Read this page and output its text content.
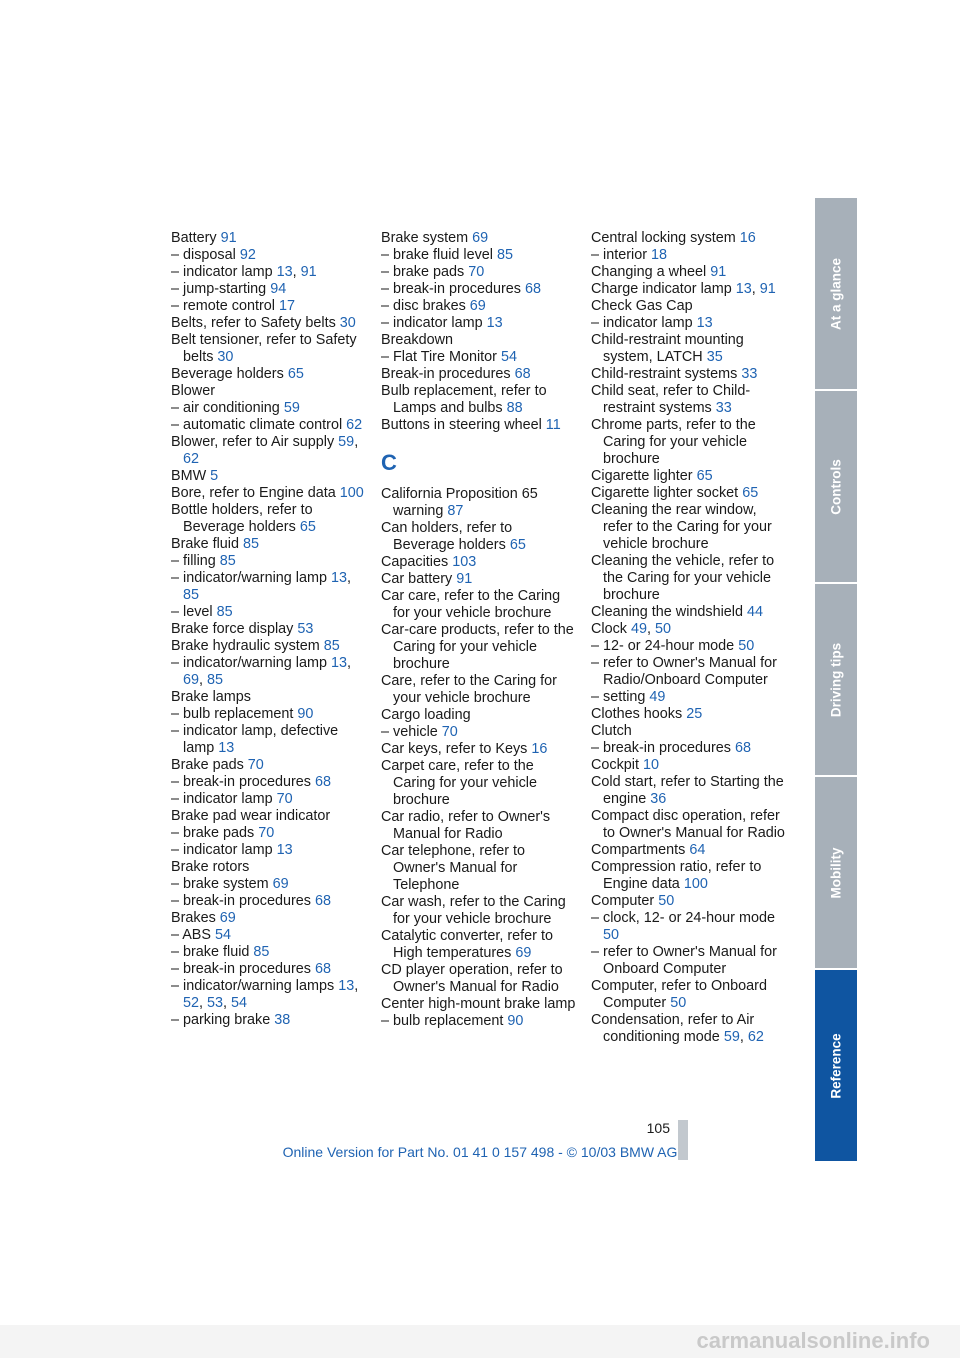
Battery 91
– disposal 92
– indicator lamp 13, 91
– jump-starting 94
– remote control 17
Belts, refer to Safety belts 30
Belt tensioner, refer to Safety belts 30
Beverage holders 65
Blower
– air conditioning 59
– automatic climate control 62
Blower, refer to Air supply 59, 62
BMW 5
Bore, refer to Engine data 100
Bottle holders, refer to Beverage holders 65
Brake fluid 85
– filling 85
– indicator/warning lamp 13, 85
– level 85
Brake force display 53
Brake hydraulic system 85
– indicator/warning lamp 13, 69, 85
Brake lamps
– bulb replacement 90
– indicator lamp, defective lamp 13
Brake pads 70
– break-in procedures 68
– indicator lamp 70
Brake pad wear indicator
– brake pads 70
– indicator lamp 13
Brake rotors
– brake system 69
– break-in procedures 68
Brakes 69
– ABS 54
– brake fluid 85
– break-in procedures 68
– indicator/warning lamps 13, 52, 53, 54
– parking brake 38
Brake system 69
– brake fluid level 85
– brake pads 70
– break-in procedures 68
– disc brakes 69
– indicator lamp 13
Breakdown
– Flat Tire Monitor 54
Break-in procedures 68
Bulb replacement, refer to Lamps and bulbs 88
Buttons in steering wheel 11
C
California Proposition 65 warning 87
Can holders, refer to Beverage holders 65
Capacities 103
Car battery 91
Car care, refer to the Caring for your vehicle brochure
Car-care products, refer to the Caring for your vehicle brochure
Care, refer to the Caring for your vehicle brochure
Cargo loading
– vehicle 70
Car keys, refer to Keys 16
Carpet care, refer to the Caring for your vehicle brochure
Car radio, refer to Owner's Manual for Radio
Car telephone, refer to Owner's Manual for Telephone
Car wash, refer to the Caring for your vehicle brochure
Catalytic converter, refer to High temperatures 69
CD player operation, refer to Owner's Manual for Radio
Center high-mount brake lamp
– bulb replacement 90
Central locking system 16
– interior 18
Changing a wheel 91
Charge indicator lamp 13, 91
Check Gas Cap
– indicator lamp 13
Child-restraint mounting system, LATCH 35
Child-restraint systems 33
Child seat, refer to Child-restraint systems 33
Chrome parts, refer to the Caring for your vehicle brochure
Cigarette lighter 65
Cigarette lighter socket 65
Cleaning the rear window, refer to the Caring for your vehicle brochure
Cleaning the vehicle, refer to the Caring for your vehicle brochure
Cleaning the windshield 44
Clock 49, 50
– 12- or 24-hour mode 50
– refer to Owner's Manual for Radio/Onboard Computer
– setting 49
Clothes hooks 25
Clutch
– break-in procedures 68
Cockpit 10
Cold start, refer to Starting the engine 36
Compact disc operation, refer to Owner's Manual for Radio
Compartments 64
Compression ratio, refer to Engine data 100
Computer 50
– clock, 12- or 24-hour mode 50
– refer to Owner's Manual for Onboard Computer
Computer, refer to Onboard Computer 50
Condensation, refer to Air conditioning mode 59, 62
At a glance
Controls
Driving tips
Mobility
Reference
105
Online Version for Part No. 01 41 0 157 498 - © 10/03 BMW AG
carmanualsonline.info
